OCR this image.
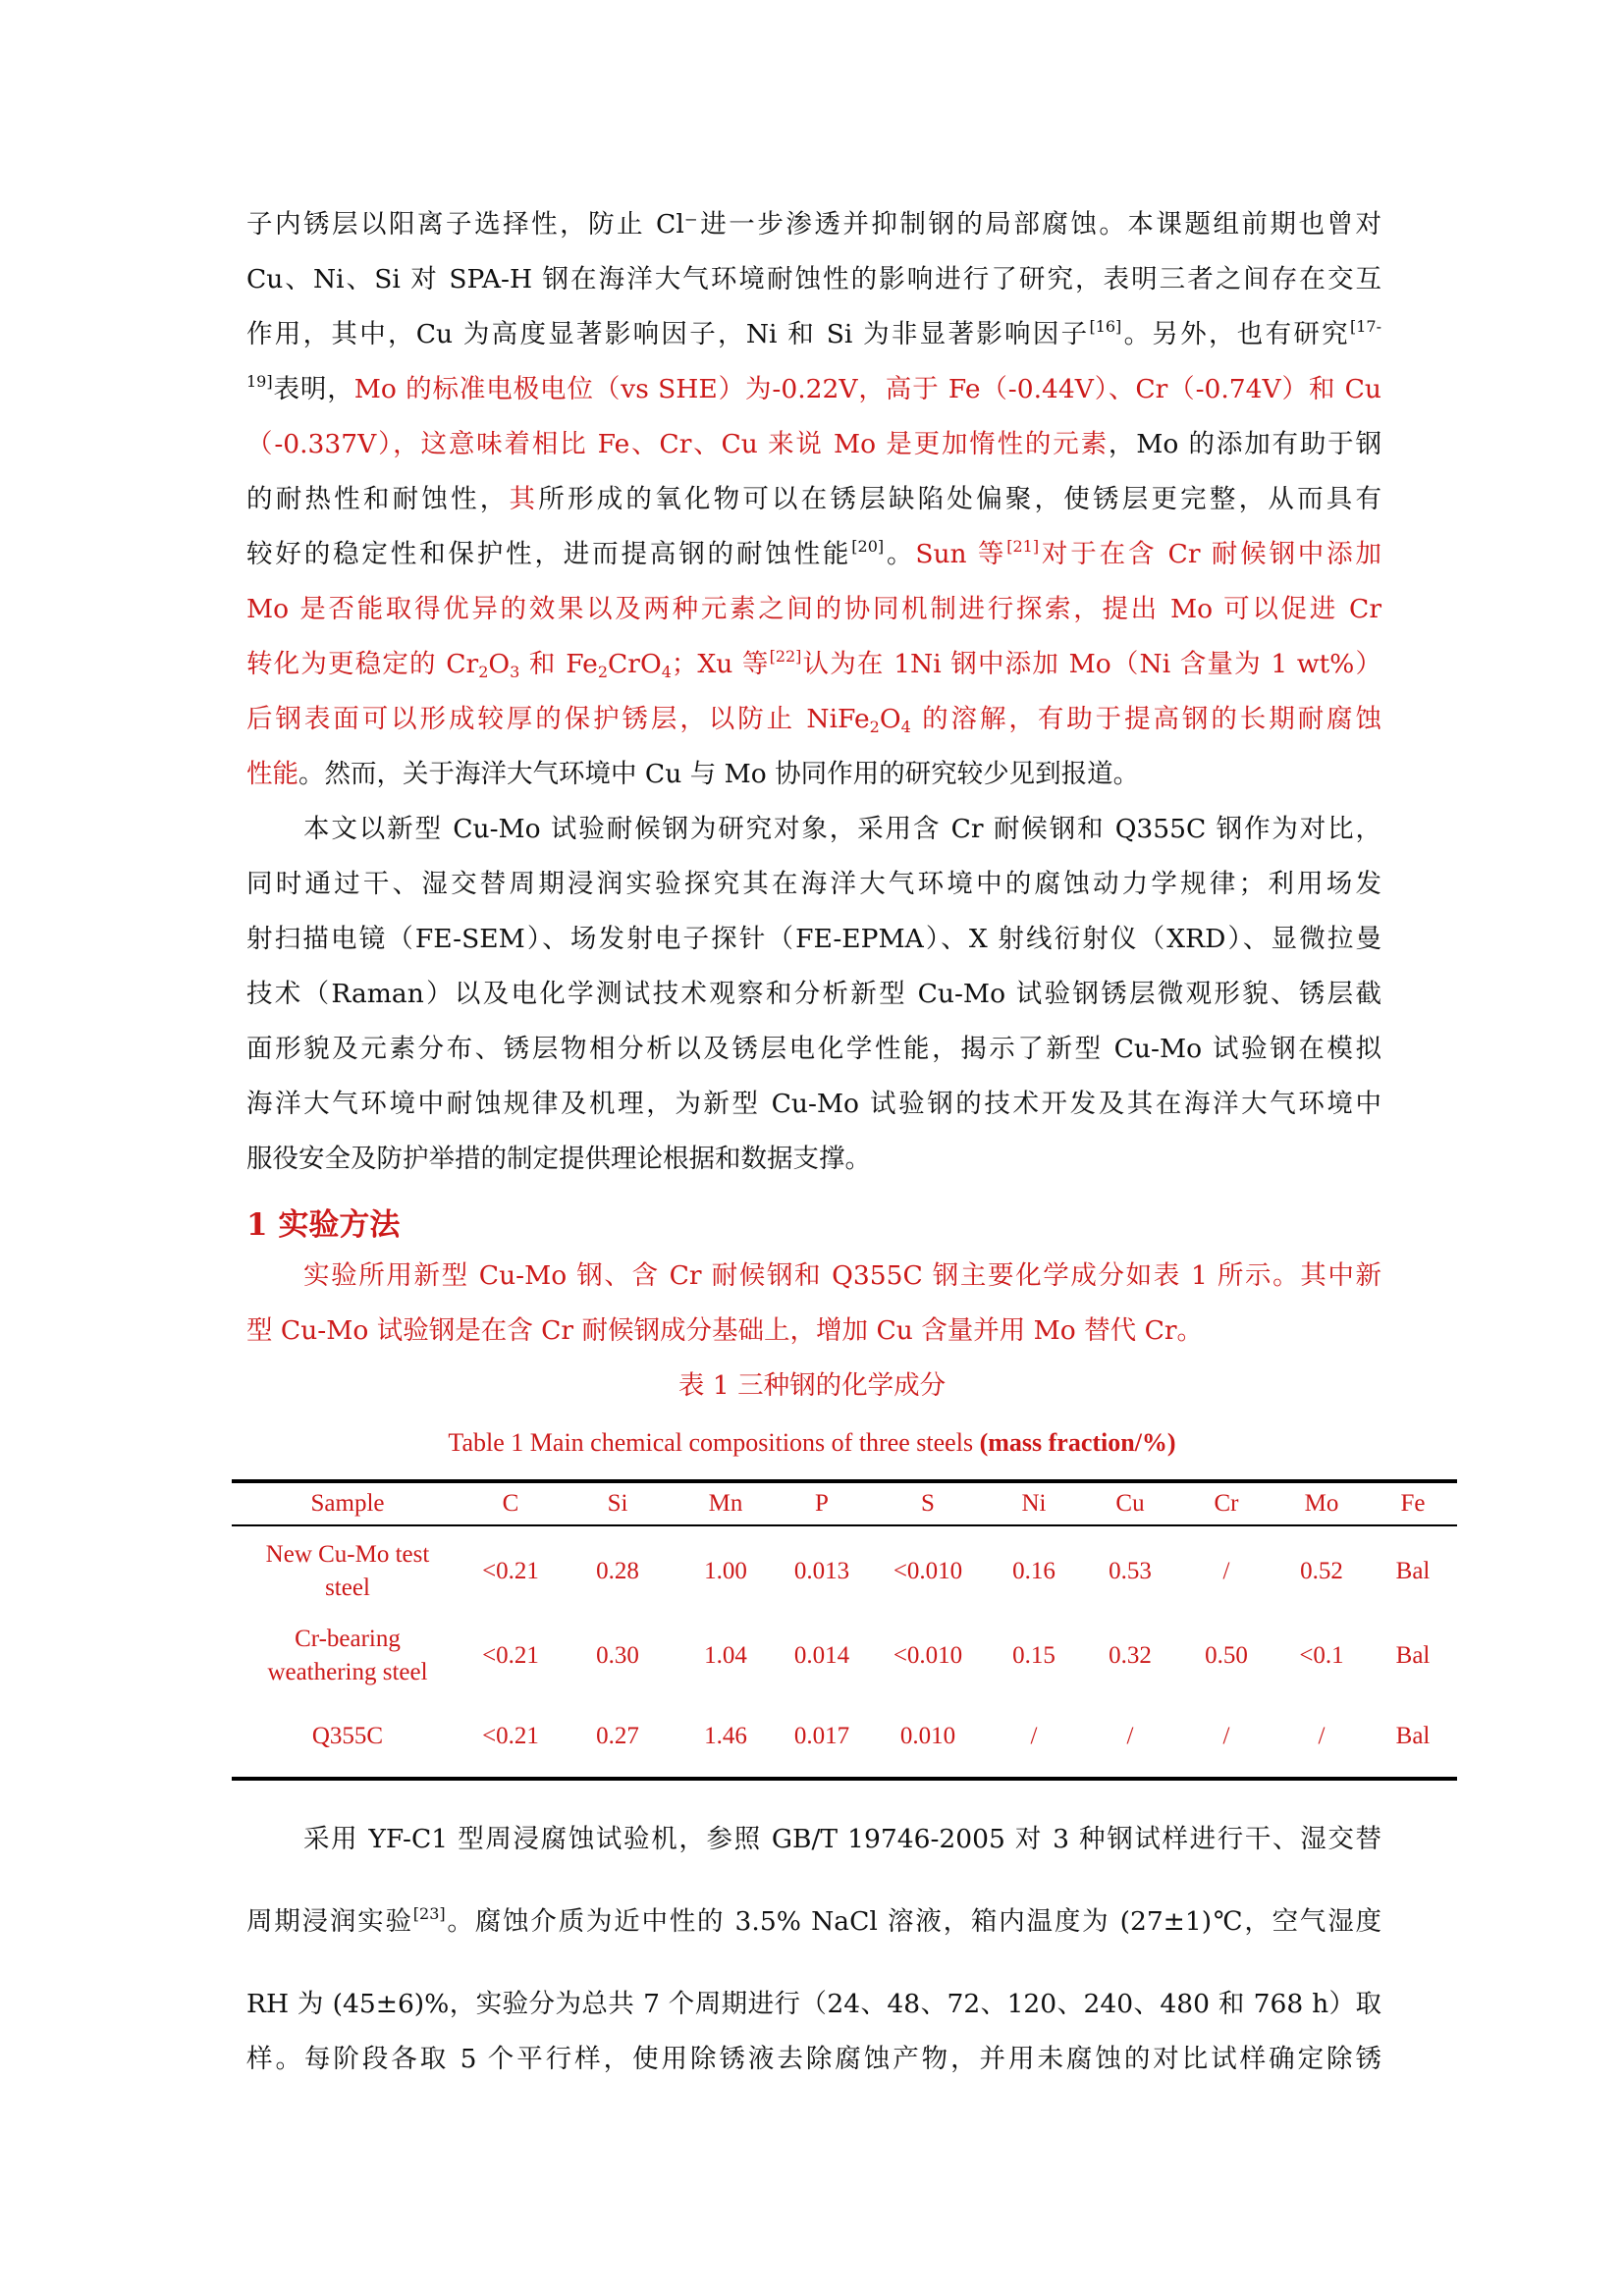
子内锈层以阳离子选择性，防止 Cl⁻进一步渗透并抑制钢的局部腐蚀。本课题组前期也曾对
Cu、Ni、Si 对 SPA-H 钢在海洋大气环境耐蚀性的影响进行了研究，表明三者之间存在交互
作用，其中，Cu 为高度显著影响因子，Ni 和 Si 为非显著影响因子[16]。另外，也有研究$^{[17-}$
$^{19]}$表明，Mo 的标准电极电位（vs SHE）为-0.22V，高于 Fe（-0.44V）、Cr（-0.74V）和 Cu
（-0.337V），这意味着相比 Fe、Cr、Cu 来说 Mo 是更加惰性的元素，Mo 的添加有助于钢
的耐热性和耐蚀性，其所形成的氧化物可以在锈层缺陷处偏聚，使锈层更完整，从而具有
较好的稳定性和保护性，进而提高钢的耐蚀性能[20]。Sun 等[21]对于在含 Cr 耐候钢中添加
Mo 是否能取得优异的效果以及两种元素之间的协同机制进行探索，提出 Mo 可以促进 Cr
转化为更稳定的 $Cr_2O_3$ 和 $Fe_2CrO_4$；Xu 等[22]认为在 1Ni 钢中添加 Mo（Ni 含量为 1 wt%）
后钢表面可以形成较厚的保护锈层，以防止 $NiFe_2O_4$ 的溶解，有助于提高钢的长期耐腐蚀
性能。然而，关于海洋大气环境中 Cu 与 Mo 协同作用的研究较少见到报道。
本文以新型 Cu-Mo 试验耐候钢为研究对象，采用含 Cr 耐候钢和 Q355C 钢作为对比，
同时通过干、湿交替周期浸润实验探究其在海洋大气环境中的腐蚀动力学规律；利用场发
射扫描电镜（FE-SEM）、场发射电子探针（FE-EPMA）、X 射线衍射仪（XRD）、显微拉曼
技术（Raman）以及电化学测试技术观察和分析新型 Cu-Mo 试验钢锈层微观形貌、锈层截
面形貌及元素分布、锈层物相分析以及锈层电化学性能，揭示了新型 Cu-Mo 试验钢在模拟
海洋大气环境中耐蚀规律及机理，为新型 Cu-Mo 试验钢的技术开发及其在海洋大气环境中
服役安全及防护举措的制定提供理论根据和数据支撑。
1 实验方法
实验所用新型 Cu-Mo 钢、含 Cr 耐候钢和 Q355C 钢主要化学成分如表 1 所示。其中新
型 Cu-Mo 试验钢是在含 Cr 耐候钢成分基础上，增加 Cu 含量并用 Mo 替代 Cr。
表 1 三种钢的化学成分
Table 1 Main chemical compositions of three steels (mass fraction/%)
Sample	C	Si	Mn	P	S	Ni	Cu	Cr	Mo	Fe
New Cu-Mo test
steel	<0.21	0.28	1.00	0.013	<0.010	0.16	0.53	/	0.52	Bal
Cr-bearing
weathering steel	<0.21	0.30	1.04	0.014	<0.010	0.15	0.32	0.50	<0.1	Bal
Q355C	<0.21	0.27	1.46	0.017	0.010	/	/	/	/	Bal
采用 YF-C1 型周浸腐蚀试验机，参照 GB/T 19746-2005 对 3 种钢试样进行干、湿交替
周期浸润实验[23]。腐蚀介质为近中性的 3.5% NaCl 溶液，箱内温度为 (27±1)℃，空气湿度
RH 为 (45±6)%，实验分为总共 7 个周期进行（24、48、72、120、240、480 和 768 h）取
样。每阶段各取 5 个平行样，使用除锈液去除腐蚀产物，并用未腐蚀的对比试样确定除锈
